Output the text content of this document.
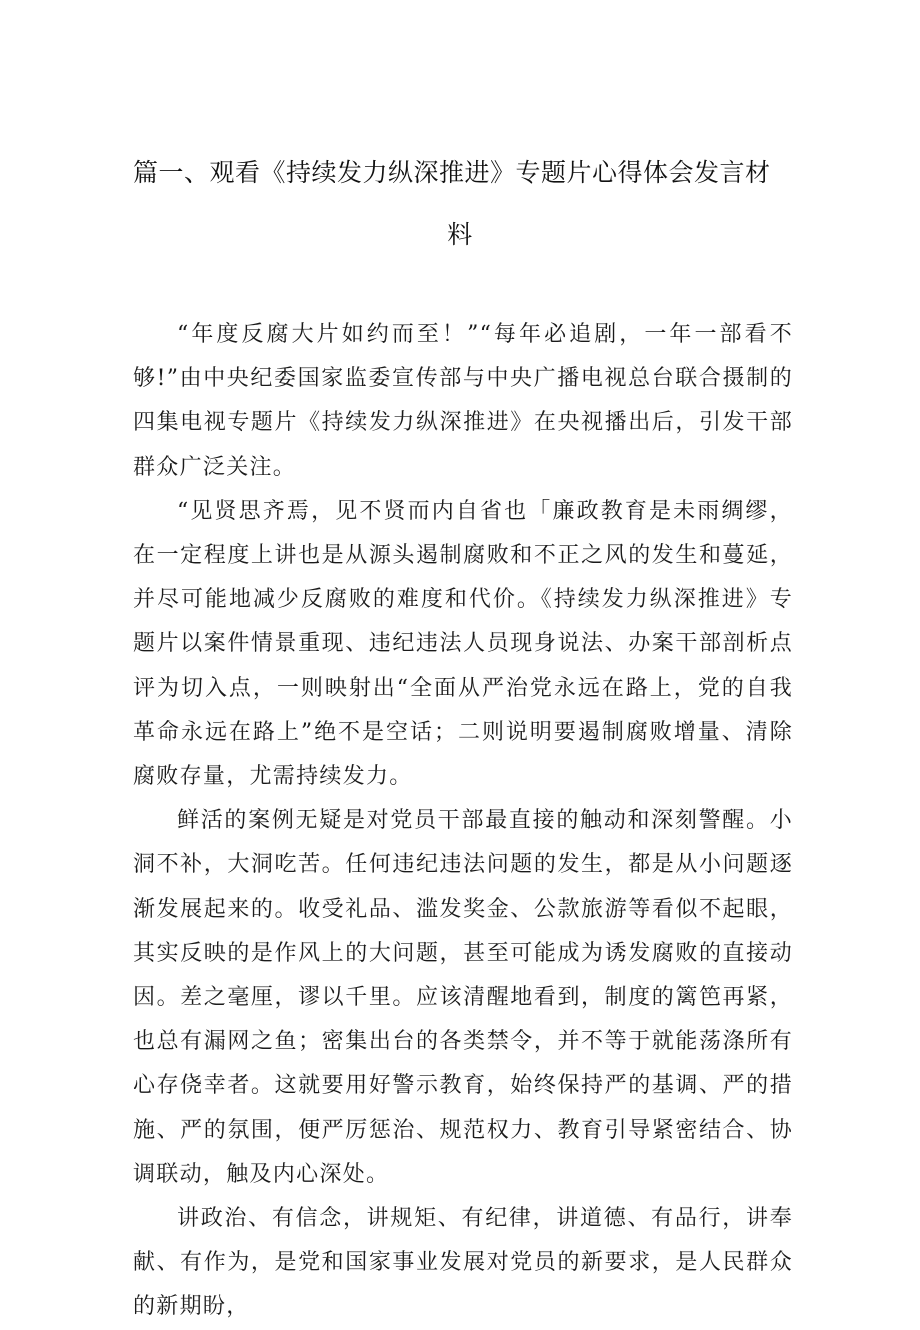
篇一、观看《持续发力纵深推进》专题片心得体会发言材
料

“年度反腐大片如约而至！”“每年必追剧，一年一部看不够!”由中央纪委国家监委宣传部与中央广播电视总台联合摄制的四集电视专题片《持续发力纵深推进》在央视播出后，引发干部群众广泛关注。

“见贤思齐焉，见不贤而内自省也「廉政教育是未雨绸缪，在一定程度上讲也是从源头遏制腐败和不正之风的发生和蔓延，并尽可能地减少反腐败的难度和代价。《持续发力纵深推进》专题片以案件情景重现、违纪违法人员现身说法、办案干部剖析点评为切入点，一则映射出“全面从严治党永远在路上，党的自我革命永远在路上”绝不是空话；二则说明要遏制腐败增量、清除腐败存量，尤需持续发力。

鲜活的案例无疑是对党员干部最直接的触动和深刻警醒。小洞不补，大洞吃苦。任何违纪违法问题的发生，都是从小问题逐渐发展起来的。收受礼品、滥发奖金、公款旅游等看似不起眼，其实反映的是作风上的大问题，甚至可能成为诱发腐败的直接动因。差之毫厘，谬以千里。应该清醒地看到，制度的篱笆再紧，也总有漏网之鱼；密集出台的各类禁令，并不等于就能荡涤所有心存侥幸者。这就要用好警示教育，始终保持严的基调、严的措施、严的氛围，便严厉惩治、规范权力、教育引导紧密结合、协调联动，触及内心深处。

讲政治、有信念，讲规矩、有纪律，讲道德、有品行，讲奉献、有作为，是党和国家事业发展对党员的新要求，是人民群众的新期盼，
